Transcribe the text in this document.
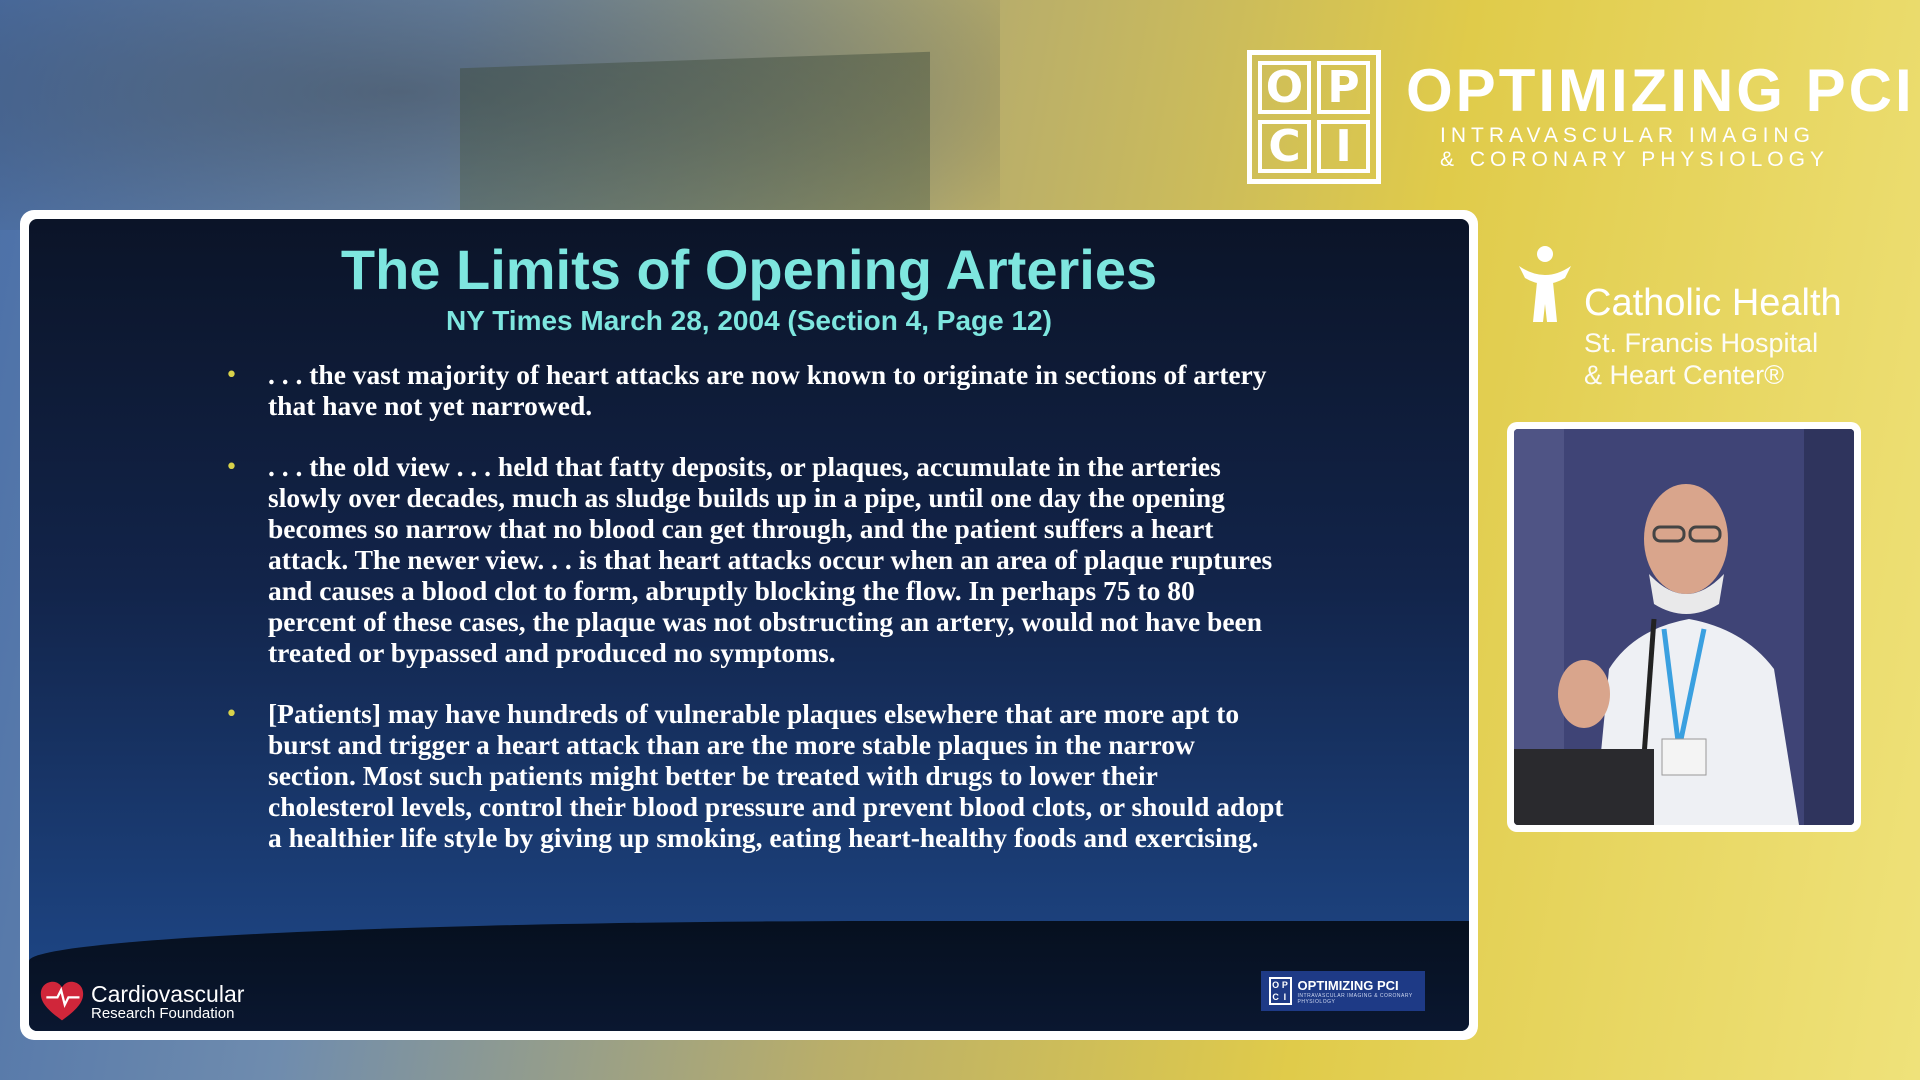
O P
C I
OPTIMIZING PCI
INTRAVASCULAR IMAGING
& CORONARY PHYSIOLOGY
The Limits of Opening Arteries
NY Times March 28, 2004 (Section 4, Page 12)
• . . . the vast majority of heart attacks are now known to originate in sections of artery that have not yet narrowed.
• . . . the old view . . . held that fatty deposits, or plaques, accumulate in the arteries slowly over decades, much as sludge builds up in a pipe, until one day the opening becomes so narrow that no blood can get through, and the patient suffers a heart attack. The newer view. . . is that heart attacks occur when an area of plaque ruptures and causes a blood clot to form, abruptly blocking the flow. In perhaps 75 to 80 percent of these cases, the plaque was not obstructing an artery, would not have been treated or bypassed and produced no symptoms.
• [Patients] may have hundreds of vulnerable plaques elsewhere that are more apt to burst and trigger a heart attack than are the more stable plaques in the narrow section. Most such patients might better be treated with drugs to lower their cholesterol levels, control their blood pressure and prevent blood clots, or should adopt a healthier life style by giving up smoking, eating heart-healthy foods and exercising.
Cardiovascular
Research Foundation
O P
C I
OPTIMIZING PCI
INTRAVASCULAR IMAGING & CORONARY PHYSIOLOGY
Catholic Health
St. Francis Hospital
& Heart Center®
